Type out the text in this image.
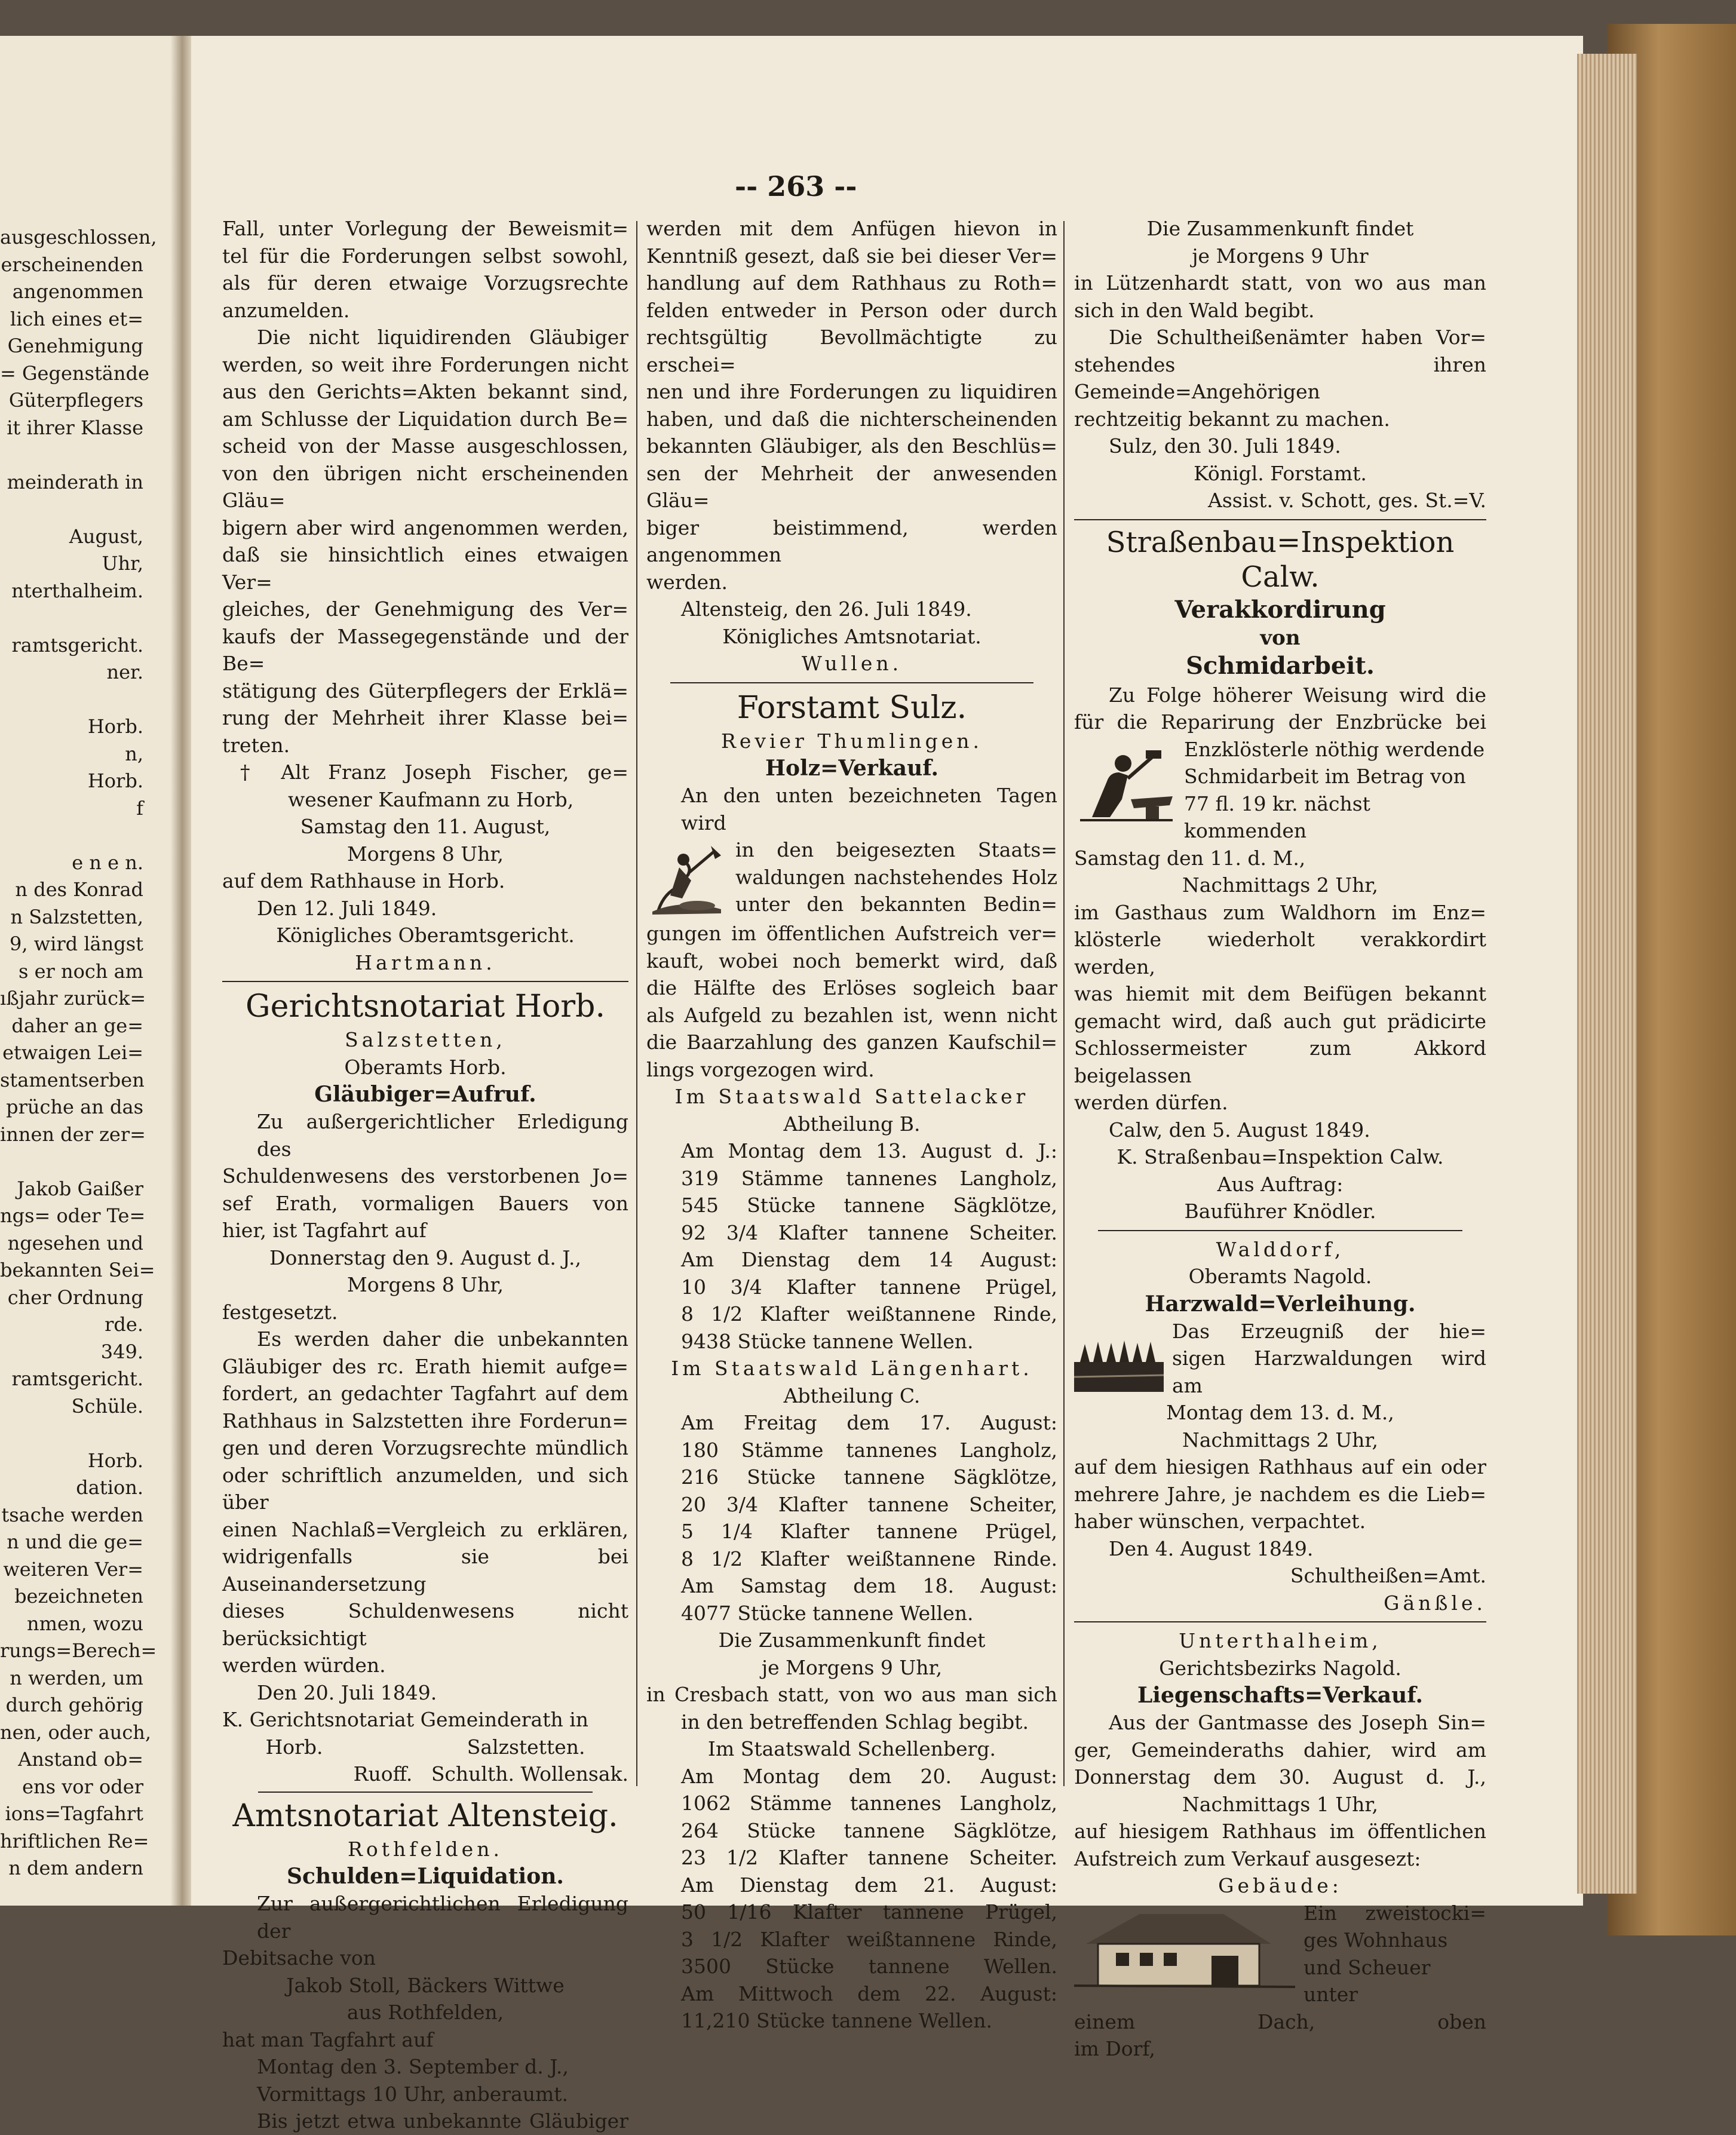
ausgeschlossen,

erscheinenden

angenommen

lich eines et=

Genehmigung

= Gegenstände

Güterpflegers

it ihrer Klasse

meinderath in

August,

Uhr,

nterthalheim.

ramtsgericht.

ner.

Horb.

n,

Horb.

f

e n e n.

n des Konrad

n Salzstetten,

9, wird längst

s er noch am

ıßjahr zurück=

daher an ge=

etwaigen Lei=

stamentserben

prüche an das

innen der zer=

Jakob Gaißer

ngs= oder Te=

ngesehen und

bekannten Sei=

cher Ordnung

rde.

349.

ramtsgericht.

Schüle.

Horb.

dation.

tsache werden

n und die ge=

weiteren Ver=

bezeichneten

nmen, wozu

rungs=Berech=

n werden, um

durch gehörig

nen, oder auch,

Anstand ob=

ens vor oder

ions=Tagfahrt

hriftlichen Re=

n dem andern

-- 263 --

Fall, unter Vorlegung der Beweismit=

tel für die Forderungen selbst sowohl,

als für deren etwaige Vorzugsrechte

anzumelden.

Die nicht liquidirenden Gläubiger

werden, so weit ihre Forderungen nicht

aus den Gerichts=Akten bekannt sind,

am Schlusse der Liquidation durch Be=

scheid von der Masse ausgeschlossen,

von den übrigen nicht erscheinenden Gläu=

bigern aber wird angenommen werden,

daß sie hinsichtlich eines etwaigen Ver=

gleiches, der Genehmigung des Ver=

kaufs der Massegegenstände und der Be=

stätigung des Güterpflegers der Erklä=

rung der Mehrheit ihrer Klasse bei=

treten.

† Alt Franz Joseph Fischer, ge=

wesener Kaufmann zu Horb,

Samstag den 11. August,

Morgens 8 Uhr,

auf dem Rathhause in Horb.

Den 12. Juli 1849.

Königliches Oberamtsgericht.

Hartmann.

Gerichtsnotariat Horb.

Salzstetten,

Oberamts Horb.

Gläubiger=Aufruf.

Zu außergerichtlicher Erledigung des

Schuldenwesens des verstorbenen Jo=

sef Erath, vormaligen Bauers von

hier, ist Tagfahrt auf

Donnerstag den 9. August d. J.,

Morgens 8 Uhr,

festgesetzt.

Es werden daher die unbekannten

Gläubiger des rc. Erath hiemit aufge=

fordert, an gedachter Tagfahrt auf dem

Rathhaus in Salzstetten ihre Forderun=

gen und deren Vorzugsrechte mündlich

oder schriftlich anzumelden, und sich über

einen Nachlaß=Vergleich zu erklären,

widrigenfalls sie bei Auseinandersetzung

dieses Schuldenwesens nicht berücksichtigt

werden würden.

Den 20. Juli 1849.

K. Gerichtsnotariat Gemeinderath in

Horb.                       Salzstetten.

Ruoff.   Schulth. Wollensak.

Amtsnotariat Altensteig.

Rothfelden.

Schulden=Liquidation.

Zur außergerichtlichen Erledigung der

Debitsache von

Jakob Stoll, Bäckers Wittwe

aus Rothfelden,

hat man Tagfahrt auf

Montag den 3. September d. J.,

Vormittags 10 Uhr, anberaumt.

Bis jetzt etwa unbekannte Gläubiger

werden mit dem Anfügen hievon in

Kenntniß gesezt, daß sie bei dieser Ver=

handlung auf dem Rathhaus zu Roth=

felden entweder in Person oder durch

rechtsgültig Bevollmächtigte zu erschei=

nen und ihre Forderungen zu liquidiren

haben, und daß die nichterscheinenden

bekannten Gläubiger, als den Beschlüs=

sen der Mehrheit der anwesenden Gläu=

biger beistimmend, werden angenommen

werden.

Altensteig, den 26. Juli 1849.

Königliches Amtsnotariat.

Wullen.

Forstamt Sulz.

Revier Thumlingen.

Holz=Verkauf.

An den unten bezeichneten Tagen wird

in den beigesezten Staats=

waldungen nachstehendes Holz

unter den bekannten Bedin=

gungen im öffentlichen Aufstreich ver=

kauft, wobei noch bemerkt wird, daß

die Hälfte des Erlöses sogleich baar

als Aufgeld zu bezahlen ist, wenn nicht

die Baarzahlung des ganzen Kaufschil=

lings vorgezogen wird.

Im Staatswald Sattelacker

Abtheilung B.

Am Montag dem 13. August d. J.:

319 Stämme tannenes Langholz,

545 Stücke tannene Sägklötze,

92 3/4 Klafter tannene Scheiter.

Am Dienstag dem 14 August:

10 3/4 Klafter tannene Prügel,

8 1/2 Klafter weißtannene Rinde,

9438 Stücke tannene Wellen.

Im Staatswald Längenhart.

Abtheilung C.

Am Freitag dem 17. August:

180 Stämme tannenes Langholz,

216 Stücke tannene Sägklötze,

20 3/4 Klafter tannene Scheiter,

5 1/4 Klafter tannene Prügel,

8 1/2 Klafter weißtannene Rinde.

Am Samstag dem 18. August:

4077 Stücke tannene Wellen.

Die Zusammenkunft findet

je Morgens 9 Uhr,

in Cresbach statt, von wo aus man sich

in den betreffenden Schlag begibt.

Im Staatswald Schellenberg.

Am Montag dem 20. August:

1062 Stämme tannenes Langholz,

264 Stücke tannene Sägklötze,

23 1/2 Klafter tannene Scheiter.

Am Dienstag dem 21. August:

50 1/16 Klafter tannene Prügel,

3 1/2 Klafter weißtannene Rinde,

3500 Stücke tannene Wellen.

Am Mittwoch dem 22. August:

11,210 Stücke tannene Wellen.

Die Zusammenkunft findet

je Morgens 9 Uhr

in Lützenhardt statt, von wo aus man

sich in den Wald begibt.

Die Schultheißenämter haben Vor=

stehendes ihren Gemeinde=Angehörigen

rechtzeitig bekannt zu machen.

Sulz, den 30. Juli 1849.

Königl. Forstamt.

Assist. v. Schott, ges. St.=V.

Straßenbau=Inspektion

Calw.

Verakkordirung

von

Schmidarbeit.

Zu Folge höherer Weisung wird die

für die Reparirung der Enzbrücke bei

Enzklösterle nöthig werdende

Schmidarbeit im Betrag von

77 fl. 19 kr. nächst kommenden

Samstag den 11. d. M.,

Nachmittags 2 Uhr,

im Gasthaus zum Waldhorn im Enz=

klösterle wiederholt verakkordirt werden,

was hiemit mit dem Beifügen bekannt

gemacht wird, daß auch gut prädicirte

Schlossermeister zum Akkord beigelassen

werden dürfen.

Calw, den 5. August 1849.

K. Straßenbau=Inspektion Calw.

Aus Auftrag:

Bauführer Knödler.

Walddorf,

Oberamts Nagold.

Harzwald=Verleihung.

Das Erzeugniß der hie=

sigen Harzwaldungen wird

am

Montag dem 13. d. M.,

Nachmittags 2 Uhr,

auf dem hiesigen Rathhaus auf ein oder

mehrere Jahre, je nachdem es die Lieb=

haber wünschen, verpachtet.

Den 4. August 1849.

Schultheißen=Amt.

Gänßle.

Unterthalheim,

Gerichtsbezirks Nagold.

Liegenschafts=Verkauf.

Aus der Gantmasse des Joseph Sin=

ger, Gemeinderaths dahier, wird am

Donnerstag dem 30. August d. J.,

Nachmittags 1 Uhr,

auf hiesigem Rathhaus im öffentlichen

Aufstreich zum Verkauf ausgesezt:

Gebäude:

Ein zweistocki=

ges Wohnhaus

und Scheuer unter

einem Dach, oben

im Dorf,
